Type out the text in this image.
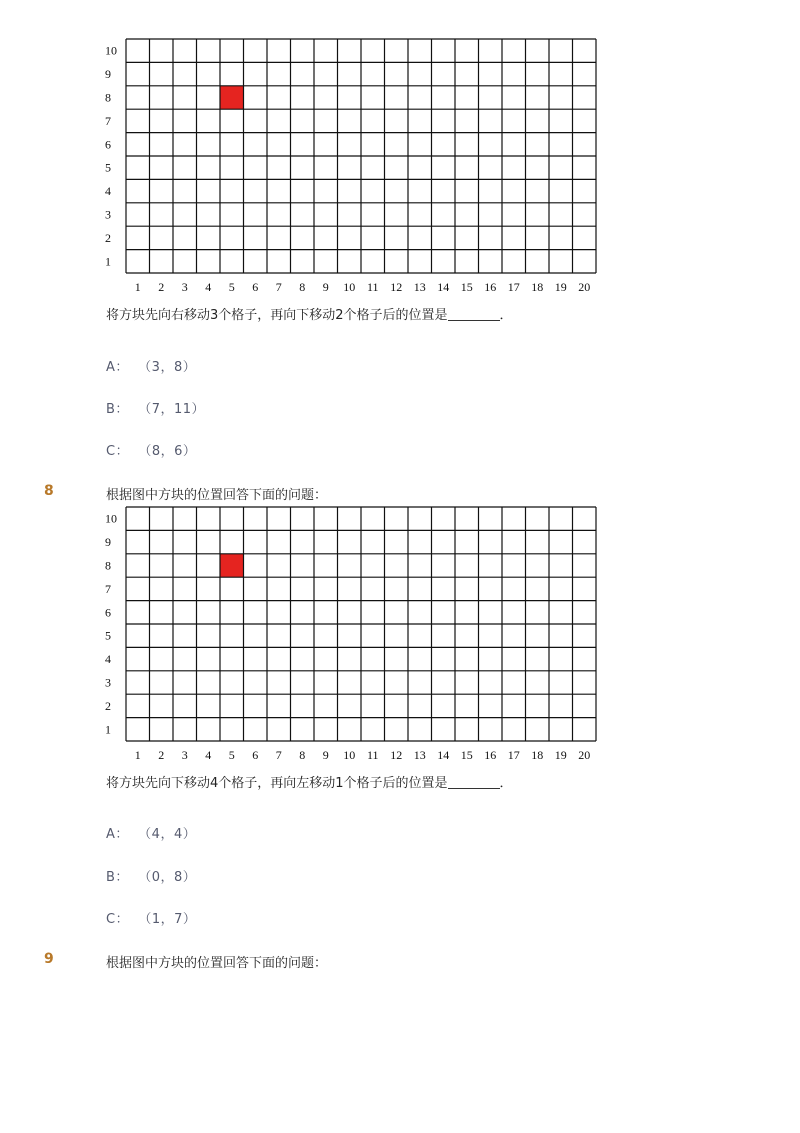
1 2 3 4 5 6 7 8 9 10 11 12 13 14 15 16 17 18 19 20
1
2
3
4
5
6
7
8
9
10
将方块先向右移动3个格子，再向下移动2个格子后的位置是	．
A：  （3，8）
B：  （7，11）
C：  （8，6）
8	根据图中方块的位置回答下面的问题：
1 2 3 4 5 6 7 8 9 10 11 12 13 14 15 16 17 18 19 20
1
2
3
4
5
6
7
8
9
10
将方块先向下移动4个格子，再向左移动1个格子后的位置是	．
A：  （4，4）
B：  （0，8）
C：  （1，7）
9	根据图中方块的位置回答下面的问题：
